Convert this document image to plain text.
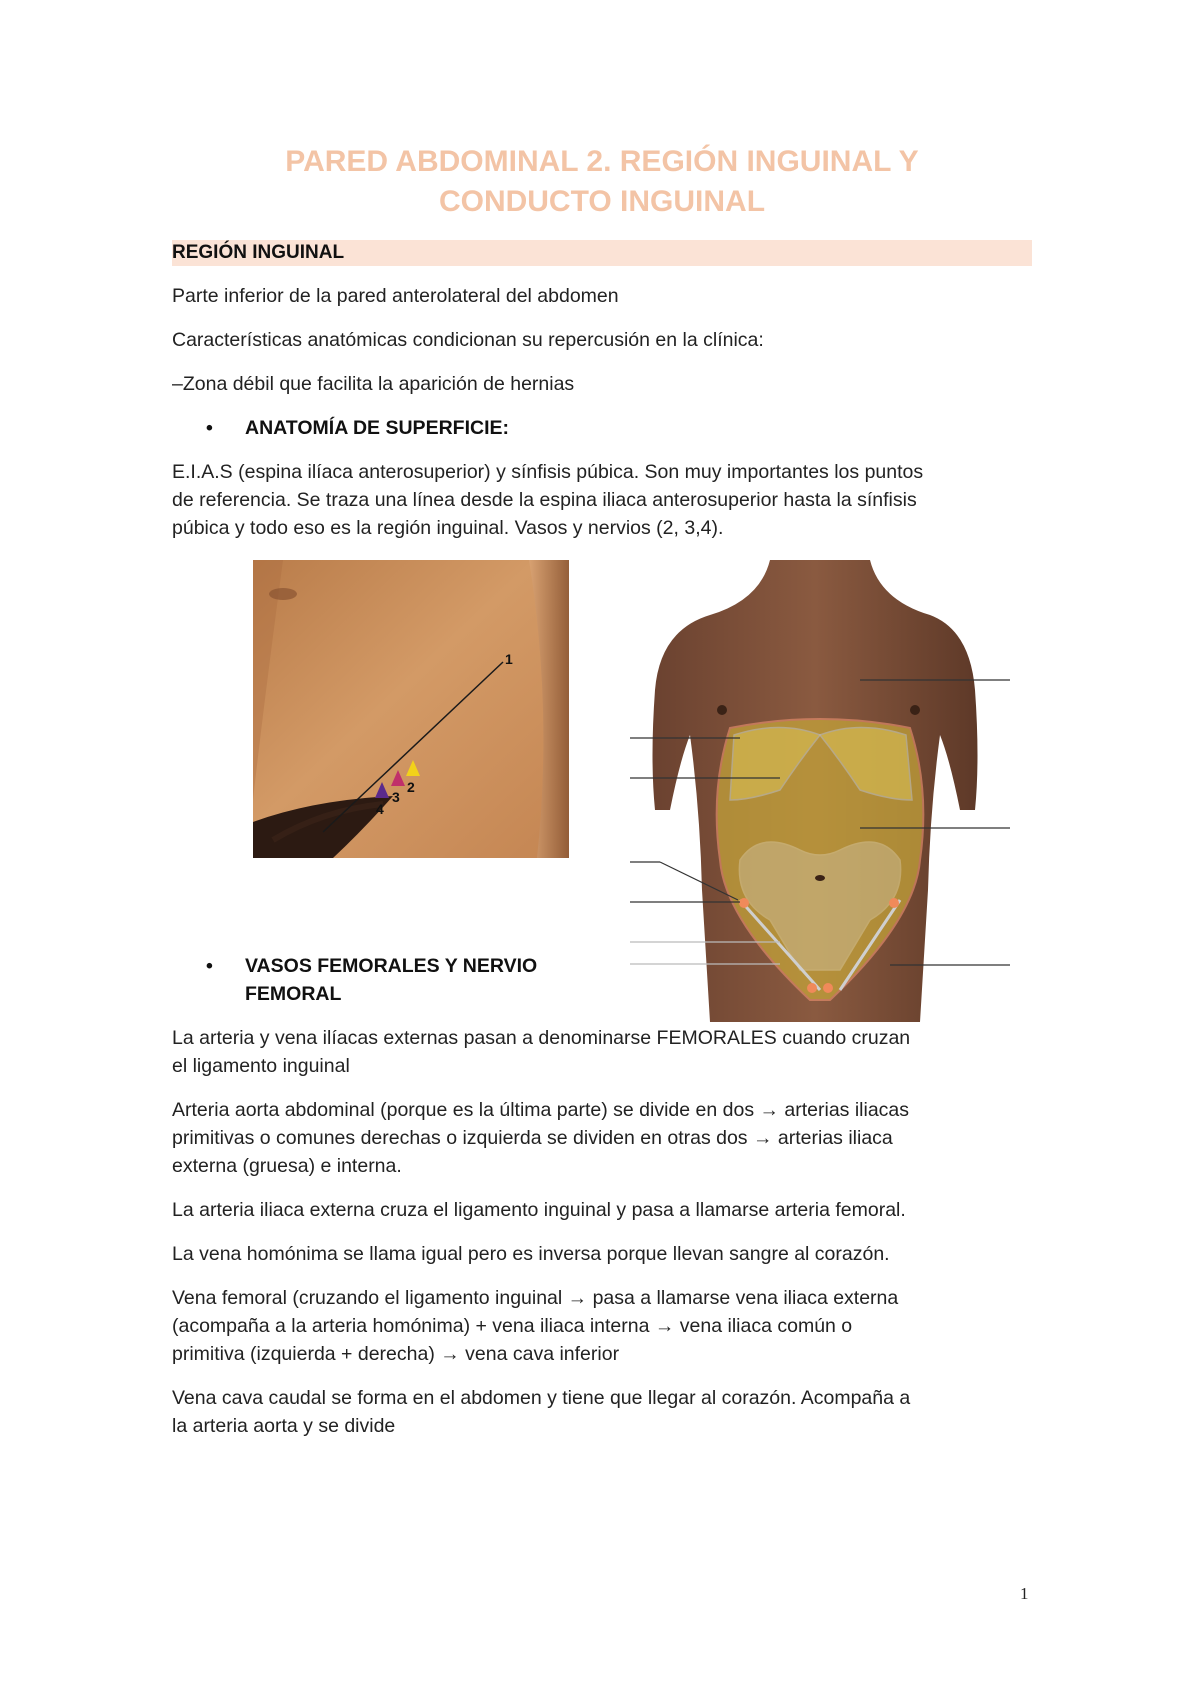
PARED ABDOMINAL 2. REGIÓN INGUINAL Y
CONDUCTO INGUINAL
REGIÓN INGUINAL

Parte inferior de la pared anterolateral del abdomen

Características anatómicas condicionan su repercusión en la clínica:

–Zona débil que facilita la aparición de hernias

• ANATOMÍA DE SUPERFICIE:

E.I.A.S (espina ilíaca anterosuperior) y sínfisis púbica. Son muy importantes los puntos

de referencia. Se traza una línea desde la espina iliaca anterosuperior hasta la sínfisis

púbica y todo eso es la región inguinal. Vasos y nervios (2, 3,4).

1
2
3
4
• VASOS FEMORALES Y NERVIO
FEMORAL

La arteria y vena ilíacas externas pasan a denominarse FEMORALES cuando cruzan

el ligamento inguinal

Arteria aorta abdominal (porque es la última parte) se divide en dos → arterias iliacas

primitivas o comunes derechas o izquierda se dividen en otras dos → arterias iliaca

externa (gruesa) e interna.

La arteria iliaca externa cruza el ligamento inguinal y pasa a llamarse arteria femoral.

La vena homónima se llama igual pero es inversa porque llevan sangre al corazón.

Vena femoral (cruzando el ligamento inguinal → pasa a llamarse vena iliaca externa

(acompaña a la arteria homónima) + vena iliaca interna → vena iliaca común o

primitiva (izquierda + derecha) → vena cava inferior

Vena cava caudal se forma en el abdomen y tiene que llegar al corazón. Acompaña a

la arteria aorta y se divide

1
